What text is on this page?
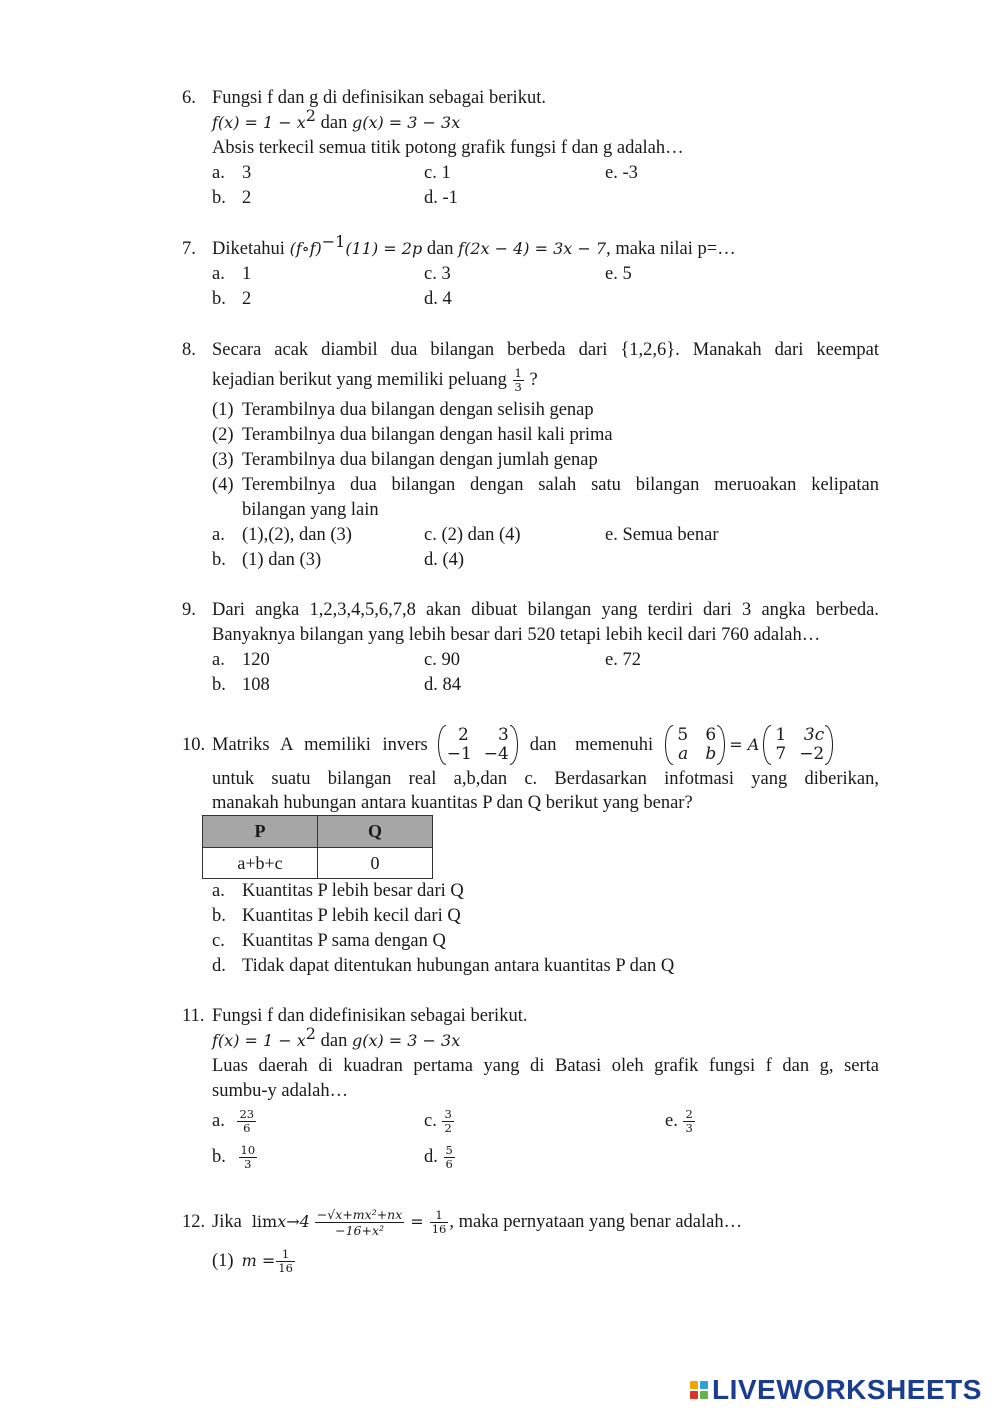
6. Fungsi f dan g di definisikan sebagai berikut.
$f(x) = 1 - x^2$ dan g(x) = 3 − 3x
Absis terkecil semua titik potong grafik fungsi f dan g adalah…
a. 3	c. 1	e. -3
b. 2	d. -1
7. Diketahui (f∘f)$^{-1}$(11) = 2p dan f(2x − 4) = 3x − 7, maka nilai p=…
a. 1	c. 3	e. 5
b. 2	d. 4
8. Secara acak diambil dua bilangan berbeda dari {1,2,6}. Manakah dari keempat
kejadian berikut yang memiliki peluang $\frac{1}{3}$ ?
(1) Terambilnya dua bilangan dengan selisih genap
(2) Terambilnya dua bilangan dengan hasil kali prima
(3) Terambilnya dua bilangan dengan jumlah genap
(4) Terembilnya dua bilangan dengan salah satu bilangan meruoakan kelipatan
bilangan yang lain
a. (1),(2), dan (3)	c. (2) dan (4)	e. Semua benar
b. (1) dan (3)	d. (4)
9. Dari angka 1,2,3,4,5,6,7,8 akan dibuat bilangan yang terdiri dari 3 angka berbeda.
Banyaknya bilangan yang lebih besar dari 520 tetapi lebih kecil dari 760 adalah…
a. 120	c. 90	e. 72
b. 108	d. 84
10. Matriks A memiliki invers	2 3
−1 −4 dan memenuhi 5 6
a b = A 1 3c
7 −2
untuk suatu bilangan real a,b,dan c. Berdasarkan infotmasi yang diberikan,
manakah hubungan antara kuantitas P dan Q berikut yang benar?
P	Q
a+b+c	0
a. Kuantitas P lebih besar dari Q
b. Kuantitas P lebih kecil dari Q
c. Kuantitas P sama dengan Q
d. Tidak dapat ditentukan hubungan antara kuantitas P dan Q
11. Fungsi f dan didefinisikan sebagai berikut.
$f(x) = 1 - x^2$ dan g(x) = 3 − 3x
Luas daerah di kuadran pertama yang di Batasi oleh grafik fungsi f dan g, serta
sumbu-y adalah…
a. $\frac{23}{6}$	c. $\frac{3}{2}$	e. $\frac{2}{3}$
b. $\frac{10}{3}$	d. $\frac{5}{6}$
12. Jika $\lim x\to 4 \frac{\text{−√x+mx²+nx}}{\text{−16+x²}} = \frac{1}{16}$ , maka pernyataan yang benar adalah…
(1) $m = \frac{1}{16}$
LIVEWORKSHEETS
